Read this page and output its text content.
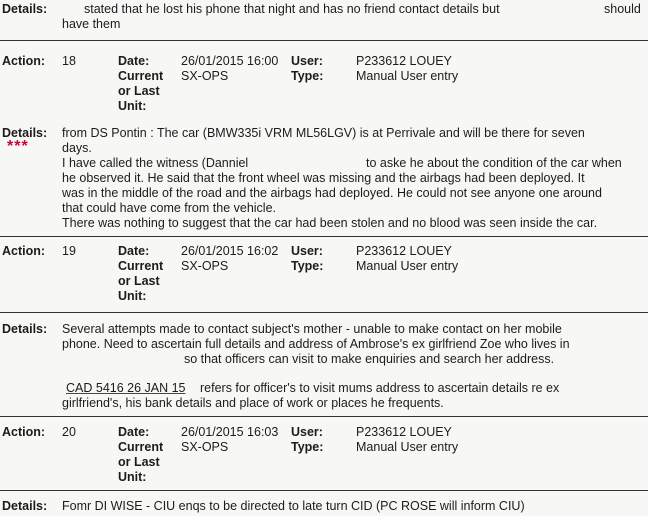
Details:	stated that he lost his phone that night and has no friend contact details but	should
have them
Action: 18	Date:	26/01/2015 16:00 User:	P233612 LOUEY
Current SX-OPS	Type:	Manual User entry
or Last
Unit:
Details:
***
from DS Pontin : The car (BMW335i VRM ML56LGV) is at Perrivale and will be there for seven
days.
I have called the witness (Danniel	to aske he about the condition of the car when
he observed it. He said that the front wheel was missing and the airbags had been deployed. It
was in the middle of the road and the airbags had deployed. He could not see anyone one around
that could have come from the vehicle.
There was nothing to suggest that the car had been stolen and no blood was seen inside the car.
Action: 19	Date:	26/01/2015 16:02 User:	P233612 LOUEY
Current SX-OPS	Type:	Manual User entry
or Last
Unit:
Details: Several attempts made to contact subject's mother - unable to make contact on her mobile
phone. Need to ascertain full details and address of Ambrose's ex girlfriend Zoe who lives in
so that officers can visit to make enquiries and search her address.
CAD 5416 26 JAN 15 refers for officer's to visit mums address to ascertain details re ex
girlfriend's, his bank details and place of work or places he frequents.
Action: 20	Date:	26/01/2015 16:03 User:	P233612 LOUEY
Current SX-OPS	Type:	Manual User entry
or Last
Unit:
Details: Fomr DI WISE - CIU enqs to be directed to late turn CID (PC ROSE will inform CIU)
